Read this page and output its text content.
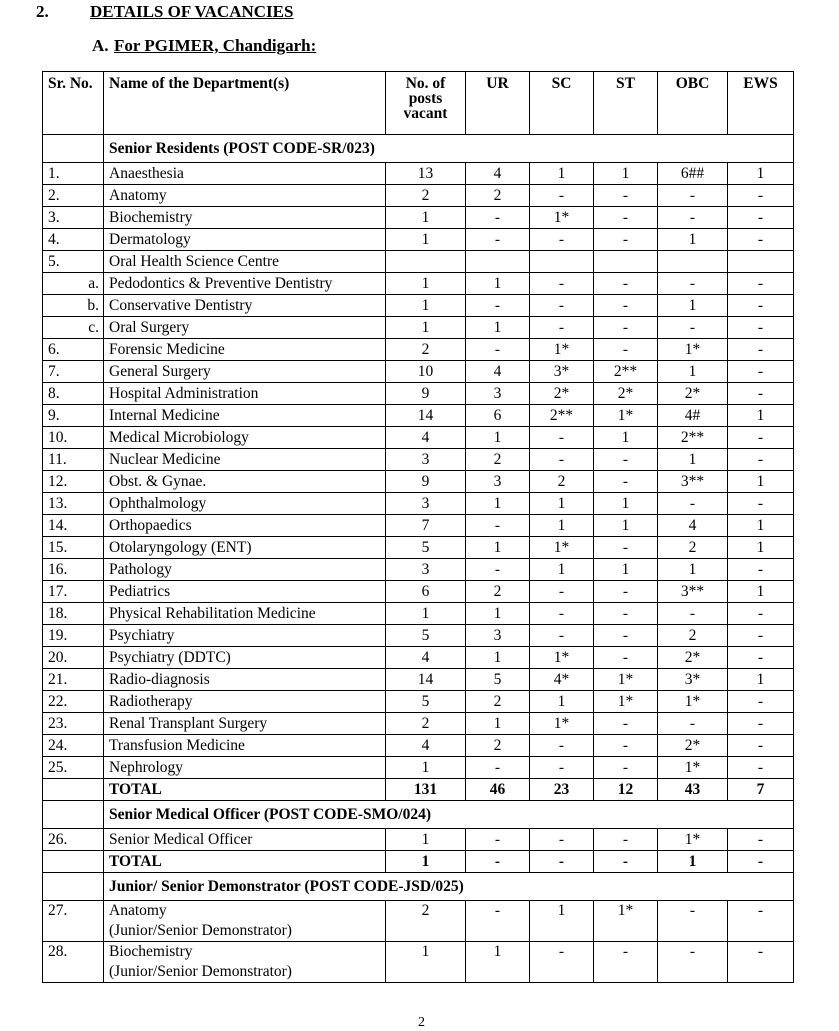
2. DETAILS OF VACANCIES
A. For PGIMER, Chandigarh:
Sr. No.	Name of the Department(s)	No. of posts vacant	UR	SC	ST	OBC	EWS
	Senior Residents (POST CODE-SR/023)						
1.	Anaesthesia	13	4	1	1	6##	1
2.	Anatomy	2	2	-	-	-	-
3.	Biochemistry	1	-	1*	-	-	-
4.	Dermatology	1	-	-	-	1	-
5.	Oral Health Science Centre						

a.	Pedodontics & Preventive Dentistry	1	1	-	-	-	-
b.	Conservative Dentistry	1	-	-	-	1	-
c.	Oral Surgery	1	1	-	-	-	-
6.	Forensic Medicine	2	-	1*	-	1*	-
7.	General Surgery	10	4	3*	2**	1	-
8.	Hospital Administration	9	3	2*	2*	2*	-
9.	Internal Medicine	14	6	2**	1*	4#	1
10.	Medical Microbiology	4	1	-	1	2**	-
11.	Nuclear Medicine	3	2	-	-	1	-
12.	Obst. & Gynae.	9	3	2	-	3**	1
13.	Ophthalmology	3	1	1	1	-	-
14.	Orthopaedics	7	-	1	1	4	1
15.	Otolaryngology (ENT)	5	1	1*	-	2	1
16.	Pathology	3	-	1	1	1	-
17.	Pediatrics	6	2	-	-	3**	1
18.	Physical Rehabilitation Medicine	1	1	-	-	-	-
19.	Psychiatry	5	3	-	-	2	-
20.	Psychiatry (DDTC)	4	1	1*	-	2*	-
21.	Radio-diagnosis	14	5	4*	1*	3*	1
22.	Radiotherapy	5	2	1	1*	1*	-
23.	Renal Transplant Surgery	2	1	1*	-	-	-
24.	Transfusion Medicine	4	2	-	-	2*	-
25.	Nephrology	1	-	-	-	1*	-
	TOTAL	131	46	23	12	43	7
	Senior Medical Officer (POST CODE-SMO/024)						
26.	Senior Medical Officer	1	-	-	-	1*	-
	TOTAL	1	-	-	-	1	-
	Junior/ Senior Demonstrator (POST CODE-JSD/025)						
27.	Anatomy
(Junior/Senior Demonstrator)	2	-	1	1*	-	-
28.	Biochemistry
(Junior/Senior Demonstrator)	1	1	-	-	-	-
2
